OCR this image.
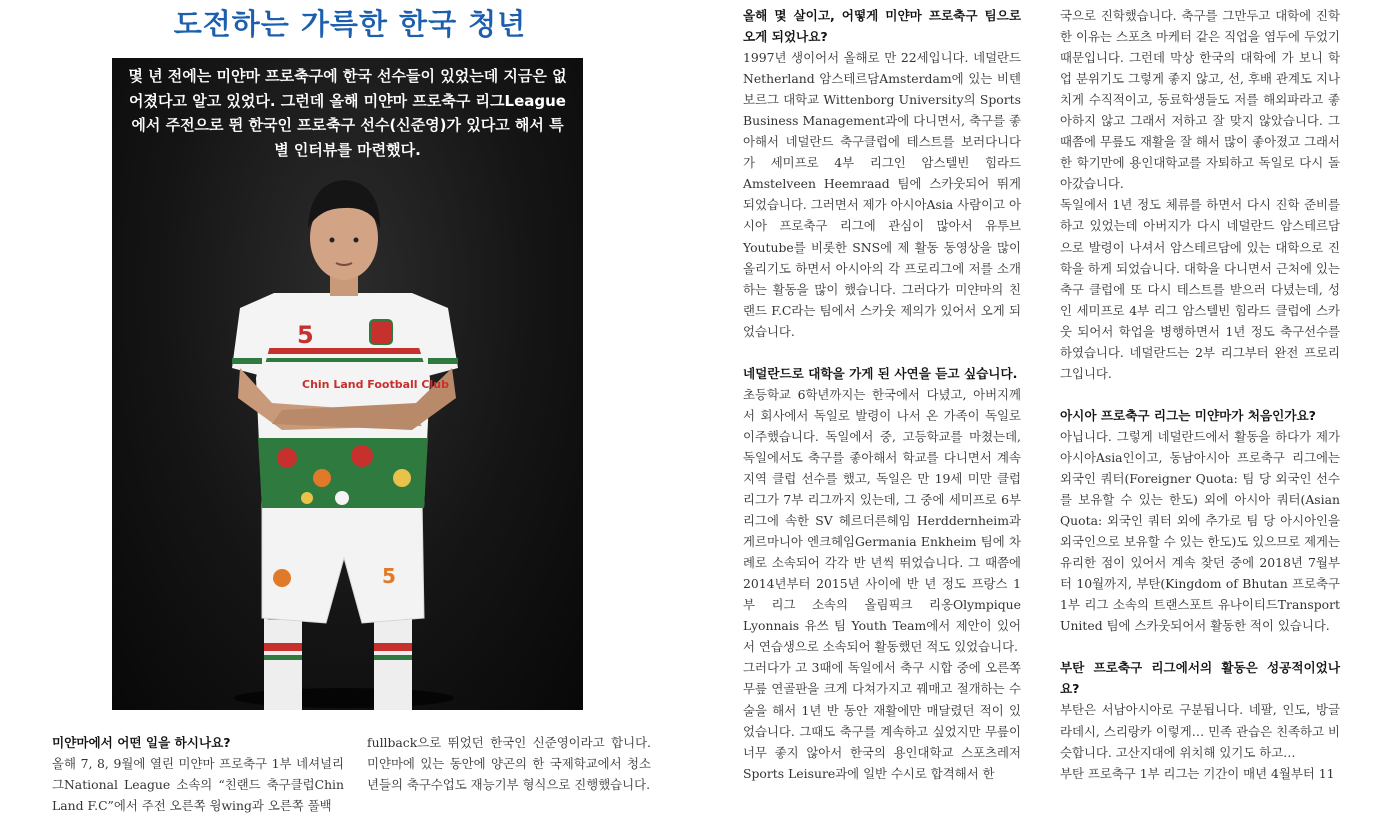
도전하는 가륵한 한국 청년
5
5
Chin Land Football Club
몇 년 전에는 미얀마 프로축구에 한국 선수들이 있었는데 지금은 없어졌다고 알고 있었다. 그런데 올해 미얀마 프로축구 리그League에서 주전으로 뛴 한국인 프로축구 선수(신준영)가 있다고 해서 특별 인터뷰를 마련했다.

미얀마에서 어떤 일을 하시나요?

올해 7, 8, 9월에 열린 미얀마 프로축구 1부 네셔널리그National League 소속의 “친랜드 축구클럽Chin Land F.C”에서 주전 오른쪽 윙wing과 오른쪽 풀백

fullback으로 뛰었던 한국인 신준영이라고 합니다. 미얀마에 있는 동안에 양곤의 한 국제학교에서 청소년들의 축구수업도 재능기부 형식으로 진행했습니다.

올해 몇 살이고, 어떻게 미얀마 프로축구 팀으로 오게 되었나요?

1997년 생이어서 올해로 만 22세입니다. 네덜란드Netherland 암스테르담Amsterdam에 있는 비텐보르그 대학교 Wittenborg University의 Sports Business Management과에 다니면서, 축구를 좋아해서 네덜란드 축구클럽에 테스트를 보러다니다가 세미프로 4부 리그인 암스텔빈 힘라드Amstelveen Heemraad 팀에 스카웃되어 뛰게 되었습니다. 그러면서 제가 아시아Asia 사람이고 아시아 프로축구 리그에 관심이 많아서 유투브Youtube를 비롯한 SNS에 제 활동 동영상을 많이 올리기도 하면서 아시아의 각 프로리그에 저를 소개하는 활동을 많이 했습니다. 그러다가 미얀마의 친랜드 F.C라는 팀에서 스카웃 제의가 있어서 오게 되었습니다.

네덜란드로 대학을 가게 된 사연을 듣고 싶습니다.

초등학교 6학년까지는 한국에서 다녔고, 아버지께서 회사에서 독일로 발령이 나서 온 가족이 독일로 이주했습니다. 독일에서 중, 고등학교를 마쳤는데, 독일에서도 축구를 좋아해서 학교를 다니면서 계속 지역 클럽 선수를 했고, 독일은 만 19세 미만 클럽리그가 7부 리그까지 있는데, 그 중에 세미프로 6부 리그에 속한 SV 헤르더른헤임 Herddernheim과 게르마니아 엔크헤임Germania Enkheim 팀에 차례로 소속되어 각각 반 년씩 뛰었습니다. 그 때쯤에 2014년부터 2015년 사이에 반 년 정도 프랑스 1부 리그 소속의 올림픽크 리옹Olympique Lyonnais 유쓰 팀 Youth Team에서 제안이 있어서 연습생으로 소속되어 활동했던 적도 있었습니다.

그러다가 고 3때에 독일에서 축구 시합 중에 오른쪽 무릎 연골판을 크게 다쳐가지고 꿰매고 절개하는 수술을 해서 1년 반 동안 재활에만 매달렸던 적이 있었습니다. 그때도 축구를 계속하고 싶었지만 무릎이 너무 좋지 않아서 한국의 용인대학교 스포츠레저Sports Leisure과에 일반 수시로 합격해서 한

국으로 진학했습니다. 축구를 그만두고 대학에 진학한 이유는 스포츠 마케터 같은 직업을 염두에 두었기 때문입니다. 그런데 막상 한국의 대학에 가 보니 학업 분위기도 그렇게 좋지 않고, 선, 후배 관계도 지나치게 수직적이고, 동료학생들도 저를 해외파라고 좋아하지 않고 그래서 저하고 잘 맞지 않았습니다. 그때쯤에 무릎도 재활을 잘 해서 많이 좋아졌고 그래서 한 학기만에 용인대학교를 자퇴하고 독일로 다시 돌아갔습니다.

독일에서 1년 정도 체류를 하면서 다시 진학 준비를 하고 있었는데 아버지가 다시 네덜란드 암스테르담으로 발령이 나셔서 암스테르담에 있는 대학으로 진학을 하게 되었습니다. 대학을 다니면서 근처에 있는 축구 클럽에 또 다시 테스트를 받으러 다녔는데, 성인 세미프로 4부 리그 암스텔빈 힘라드 클럽에 스카웃 되어서 학업을 병행하면서 1년 정도 축구선수를 하였습니다. 네덜란드는 2부 리그부터 완전 프로리그입니다.

아시아 프로축구 리그는 미얀마가 처음인가요?

아닙니다. 그렇게 네덜란드에서 활동을 하다가 제가 아시아Asia인이고, 동남아시아 프로축구 리그에는 외국인 쿼터(Foreigner Quota: 팀 당 외국인 선수를 보유할 수 있는 한도) 외에 아시아 쿼터(Asian Quota: 외국인 쿼터 외에 추가로 팀 당 아시아인을 외국인으로 보유할 수 있는 한도)도 있으므로 제게는 유리한 점이 있어서 계속 찾던 중에 2018년 7월부터 10월까지, 부탄(Kingdom of Bhutan 프로축구 1부 리그 소속의 트랜스포트 유나이티드Transport United 팀에 스카웃되어서 활동한 적이 있습니다.

부탄 프로축구 리그에서의 활동은 성공적이었나요?

부탄은 서남아시아로 구분됩니다. 네팔, 인도, 방글라데시, 스리랑카 이렇게… 민족 관습은 친족하고 비슷합니다. 고산지대에 위치해 있기도 하고…

부탄 프로축구 1부 리그는 기간이 매년 4월부터 11
